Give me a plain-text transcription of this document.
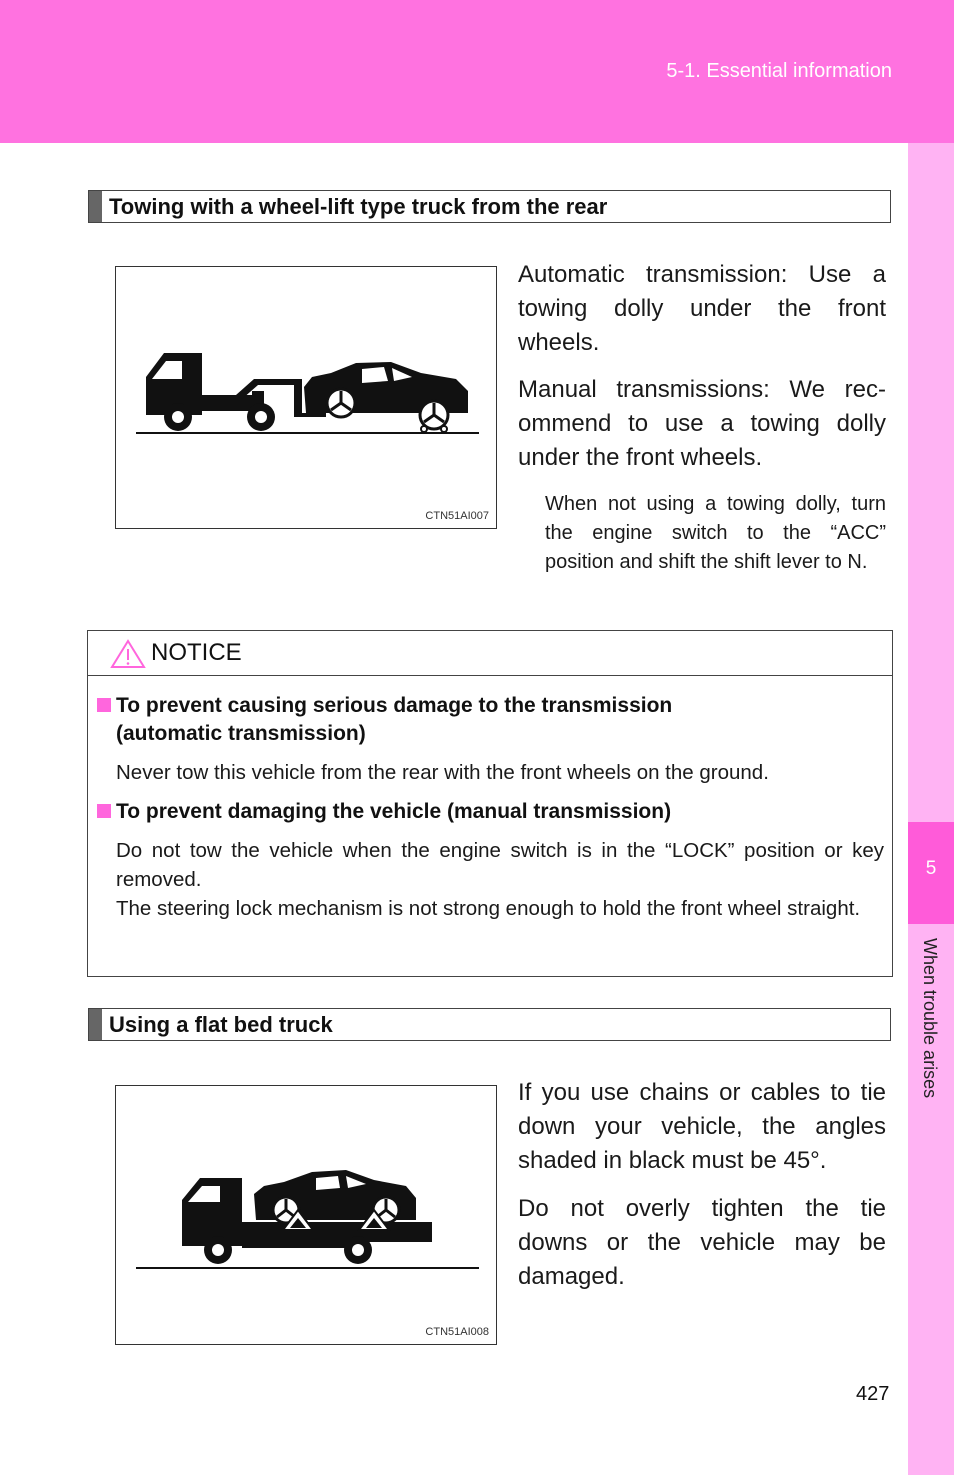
5-1. Essential information
5
When trouble arises
Towing with a wheel-lift type truck from the rear
CTN51AI007
Automatic transmission: Use a towing dolly under the front wheels.
Manual transmissions: We rec-ommend to use a towing dolly under the front wheels.
When not using a towing dolly, turn the engine switch to the “ACC” position and shift the shift lever to N.
NOTICE
To prevent causing serious damage to the transmission
(automatic transmission)
Never tow this vehicle from the rear with the front wheels on the ground.
To prevent damaging the vehicle (manual transmission)
Do not tow the vehicle when the engine switch is in the “LOCK” position or key removed.
The steering lock mechanism is not strong enough to hold the front wheel straight.
Using a flat bed truck
CTN51AI008
If you use chains or cables to tie down your vehicle, the angles shaded in black must be 45°.
Do not overly tighten the tie downs or the vehicle may be damaged.
427
